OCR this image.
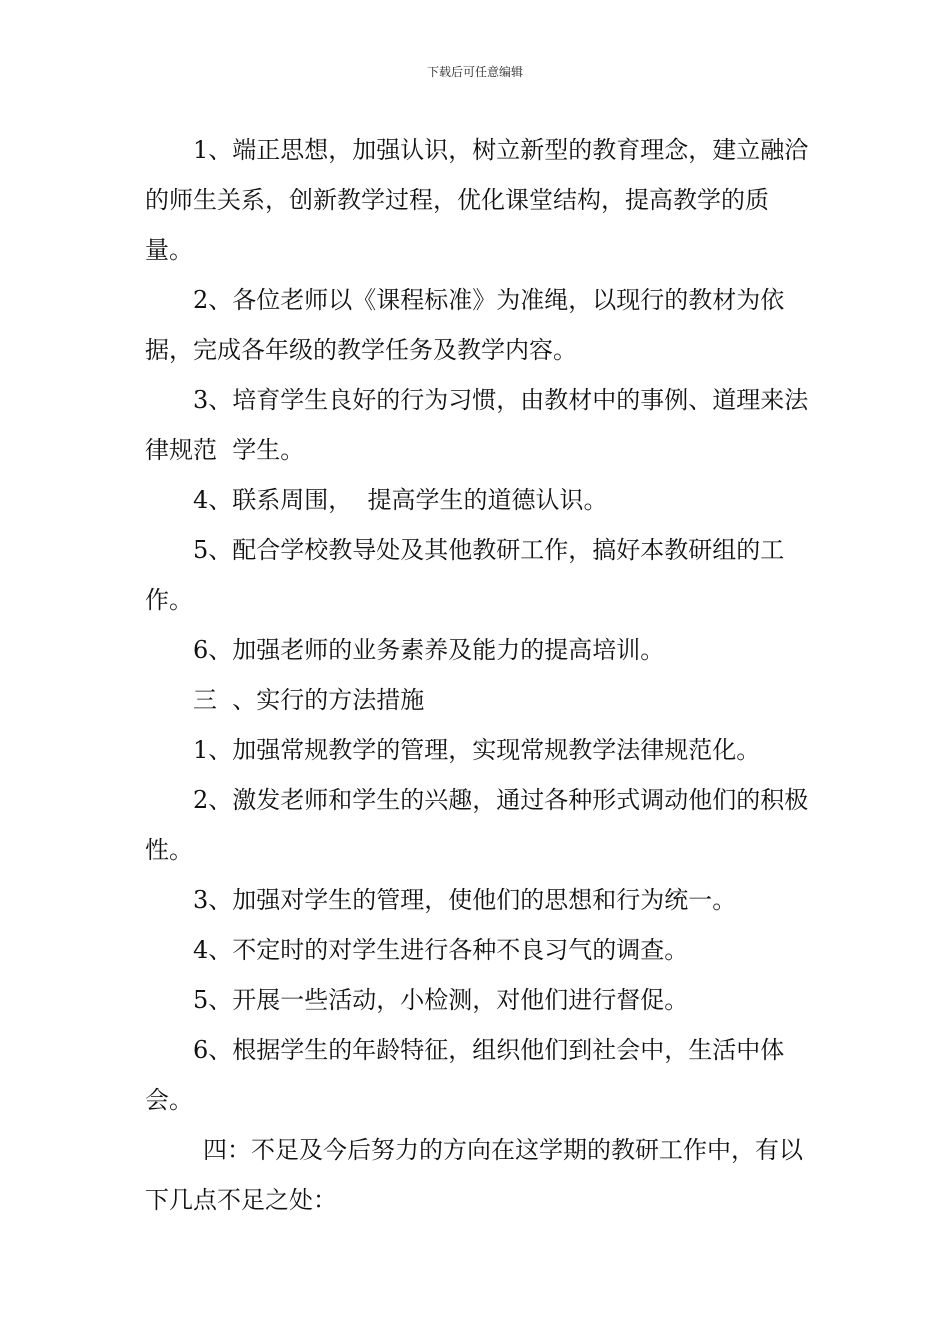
下载后可任意编辑

1、端正思想，加强认识，树立新型的教育理念，建立融洽的师生关系，创新教学过程，优化课堂结构，提高教学的质量。

2、各位老师以《课程标准》为准绳，以现行的教材为依据，完成各年级的教学任务及教学内容。

3、培育学生良好的行为习惯，由教材中的事例、道理来法律规范  学生。

4、联系周围，  提高学生的道德认识。

5、配合学校教导处及其他教研工作，搞好本教研组的工作。

6、加强老师的业务素养及能力的提高培训。

三  、实行的方法措施

1、加强常规教学的管理，实现常规教学法律规范化。

2、激发老师和学生的兴趣，通过各种形式调动他们的积极性。

3、加强对学生的管理，使他们的思想和行为统一。

4、不定时的对学生进行各种不良习气的调查。

5、开展一些活动，小检测，对他们进行督促。

6、根据学生的年龄特征，组织他们到社会中，生活中体会。

四：不足及今后努力的方向在这学期的教研工作中，有以下几点不足之处：
